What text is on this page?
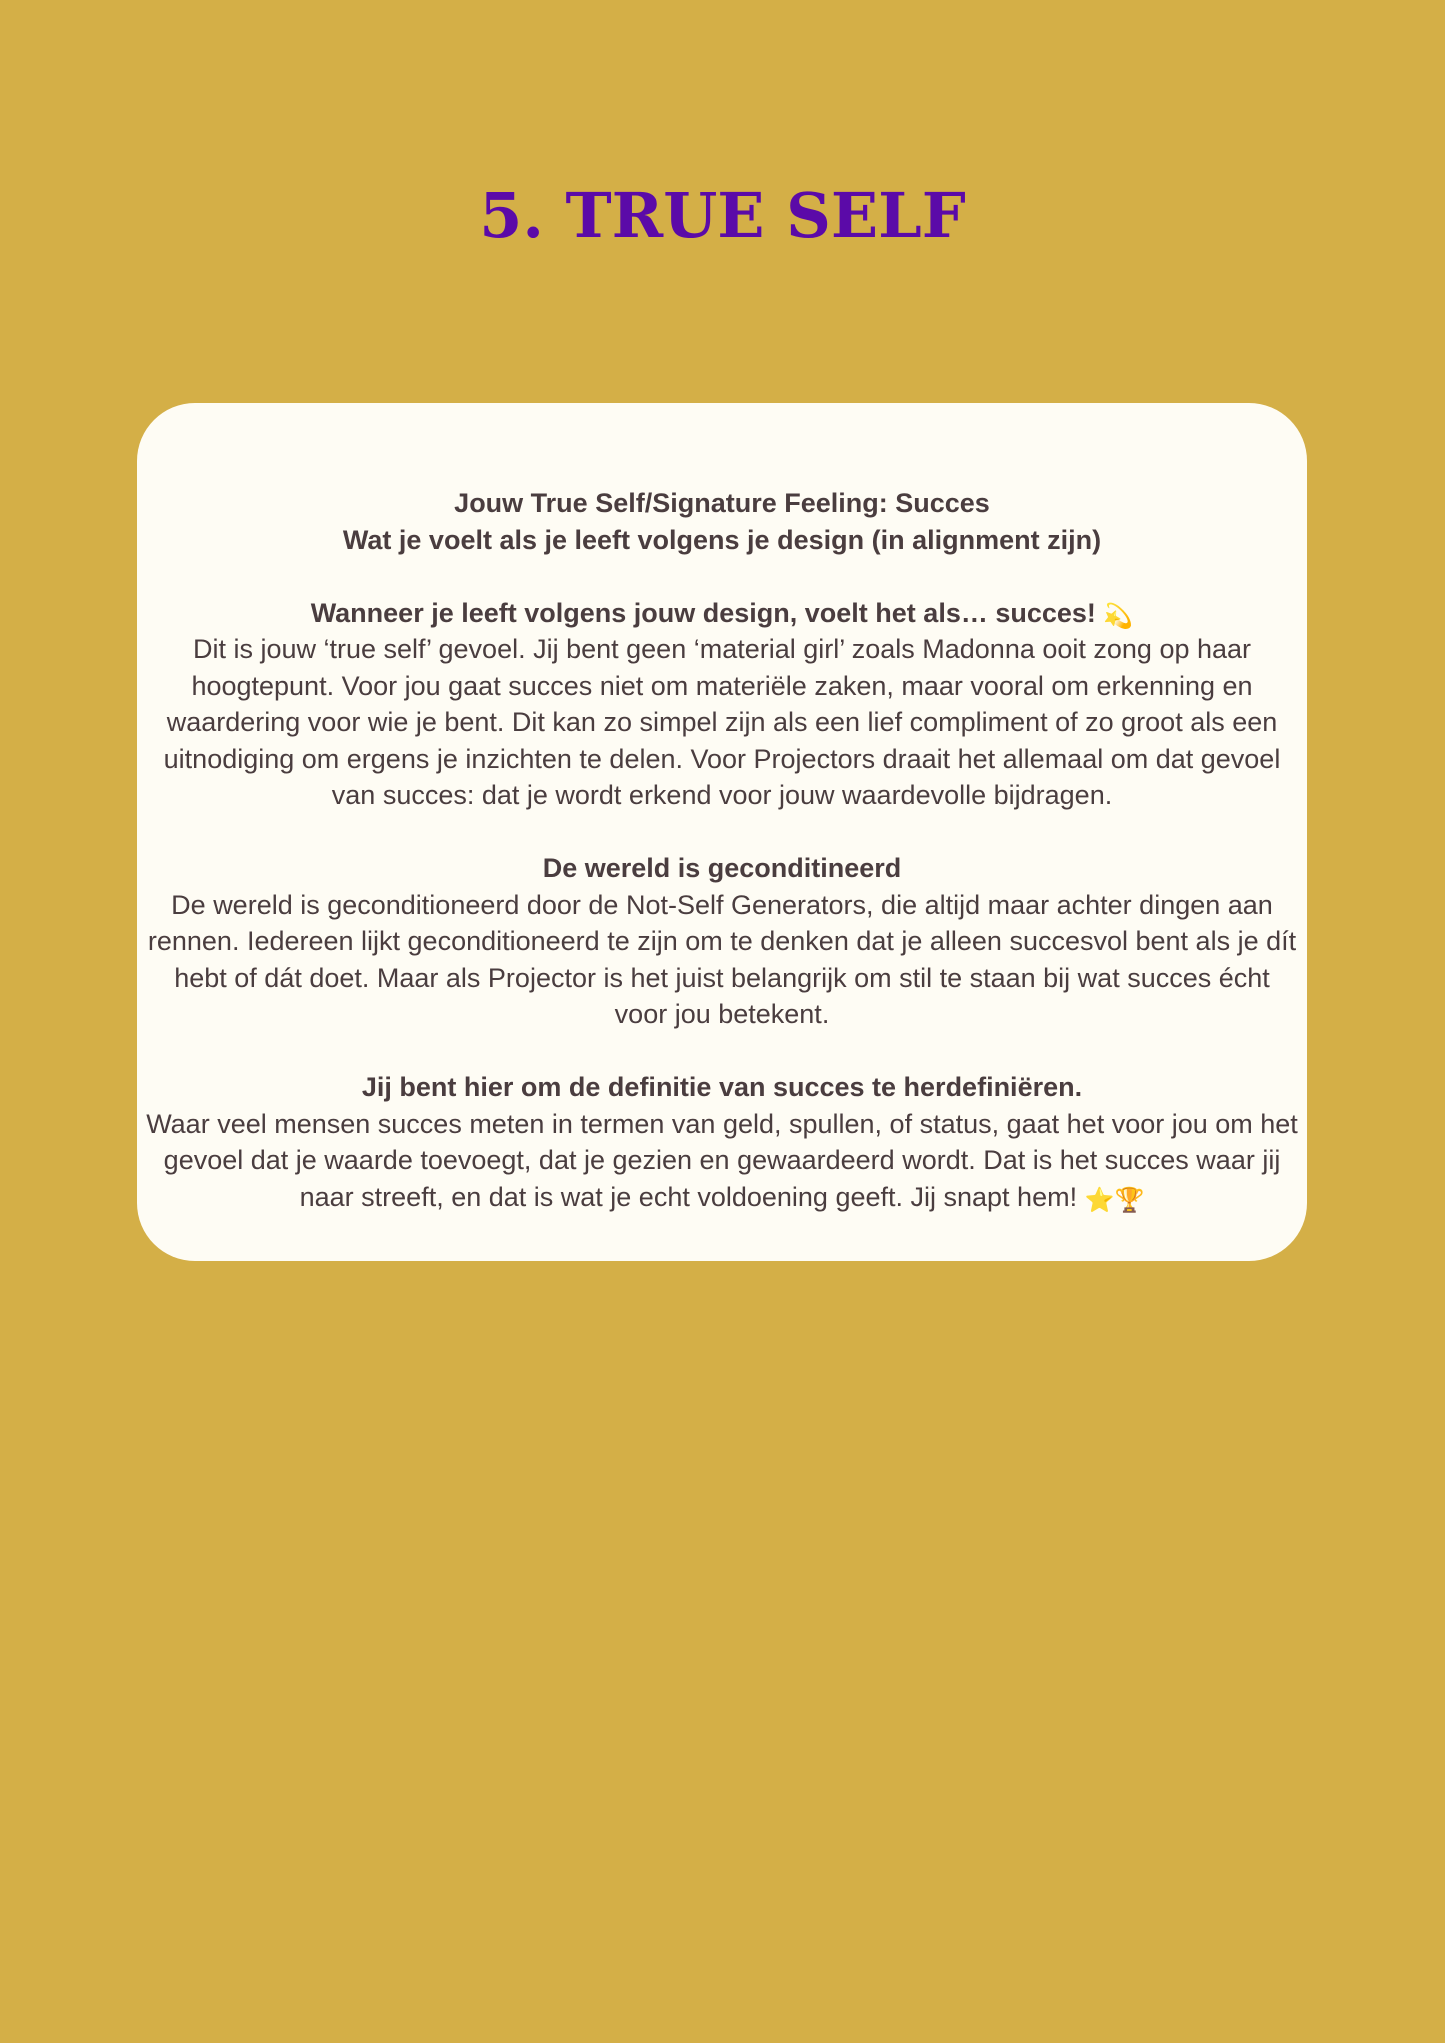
5. TRUE SELF

Jouw True Self/Signature Feeling: Succes

Wat je voelt als je leeft volgens je design (in alignment zijn)

Wanneer je leeft volgens jouw design, voelt het als… succes! 💫

Dit is jouw ‘true self’ gevoel. Jij bent geen ‘material girl’ zoals Madonna ooit zong op haar hoogtepunt. Voor jou gaat succes niet om materiële zaken, maar vooral om erkenning en waardering voor wie je bent. Dit kan zo simpel zijn als een lief compliment of zo groot als een uitnodiging om ergens je inzichten te delen. Voor Projectors draait het allemaal om dat gevoel van succes: dat je wordt erkend voor jouw waardevolle bijdragen.

De wereld is geconditineerd

De wereld is geconditioneerd door de Not-Self Generators, die altijd maar achter dingen aan rennen. Iedereen lijkt geconditioneerd te zijn om te denken dat je alleen succesvol bent als je dít hebt of dát doet. Maar als Projector is het juist belangrijk om stil te staan bij wat succes écht voor jou betekent.

Jij bent hier om de definitie van succes te herdefiniëren.

Waar veel mensen succes meten in termen van geld, spullen, of status, gaat het voor jou om het gevoel dat je waarde toevoegt, dat je gezien en gewaardeerd wordt. Dat is het succes waar jij naar streeft, en dat is wat je echt voldoening geeft. Jij snapt hem! ⭐🏆
